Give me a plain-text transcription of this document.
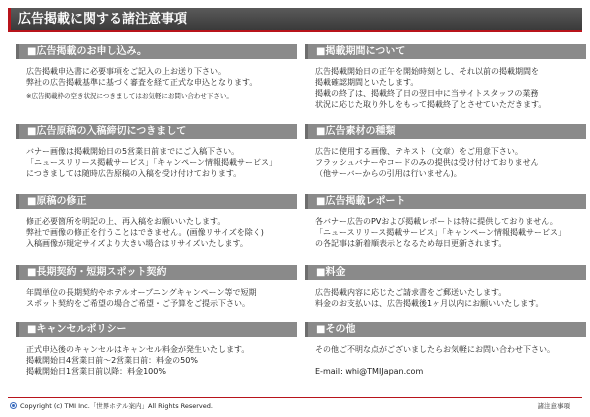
広告掲載に関する諸注意事項
■広告掲載のお申し込み。
広告掲載申込書に必要事項をご記入の上お送り下さい。
弊社の広告掲載基準に基づく審査を経て正式な申込となります。
※広告掲載枠の空き状況につきましてはお気軽にお問い合わせ下さい。
■広告原稿の入稿締切につきまして
バナー画像は掲載開始日の5営業日前までにご入稿下さい。
「ニュースリリース掲載サービス」「キャンペーン情報掲載サービス」
につきましては随時広告原稿の入稿を受け付けております。
■原稿の修正
修正必要箇所を明記の上、再入稿をお願いいたします。
弊社で画像の修正を行うことはできません。(画像リサイズを除く)
入稿画像が規定サイズより大きい場合はリサイズいたします。
■長期契約・短期スポット契約
年間単位の長期契約やホテルオープニングキャンペーン等で短期
スポット契約をご希望の場合ご希望・ご予算をご提示下さい。
■キャンセルポリシー
正式申込後のキャンセルはキャンセル料金が発生いたします。
掲載開始日4営業日前〜2営業日前：料金の50%
掲載開始日1営業日前以降：料金100%
■掲載期間について
広告掲載開始日の正午を開始時刻とし、それ以前の掲載期間を
掲載確認期間といたします。
掲載の終了は、掲載終了日の翌日中に当サイトスタッフの業務
状況に応じた取り外しをもって掲載終了とさせていただきます。
■広告素材の種類
広告に使用する画像、テキスト（文章）をご用意下さい。
フラッシュバナーやコードのみの提供は受け付けておりません
（他サーバーからの引用は行いません)。
■広告掲載レポート
各バナー広告のPVおよび掲載レポートは特に提供しておりません。
「ニュースリリース掲載サービス」「キャンペーン情報掲載サービス」
の各記事は新着順表示となるため毎日更新されます。
■料金
広告掲載内容に応じたご請求書をご郵送いたします。
料金のお支払いは、広告掲載後1ヶ月以内にお願いいたします。
■その他
その他ご不明な点がございましたらお気軽にお問い合わせ下さい。
E-mail: whi@TMIJapan.com
Copyright (c) TMI Inc.「世界ホテル案内」All Rights Reserved.	諸注意事項
